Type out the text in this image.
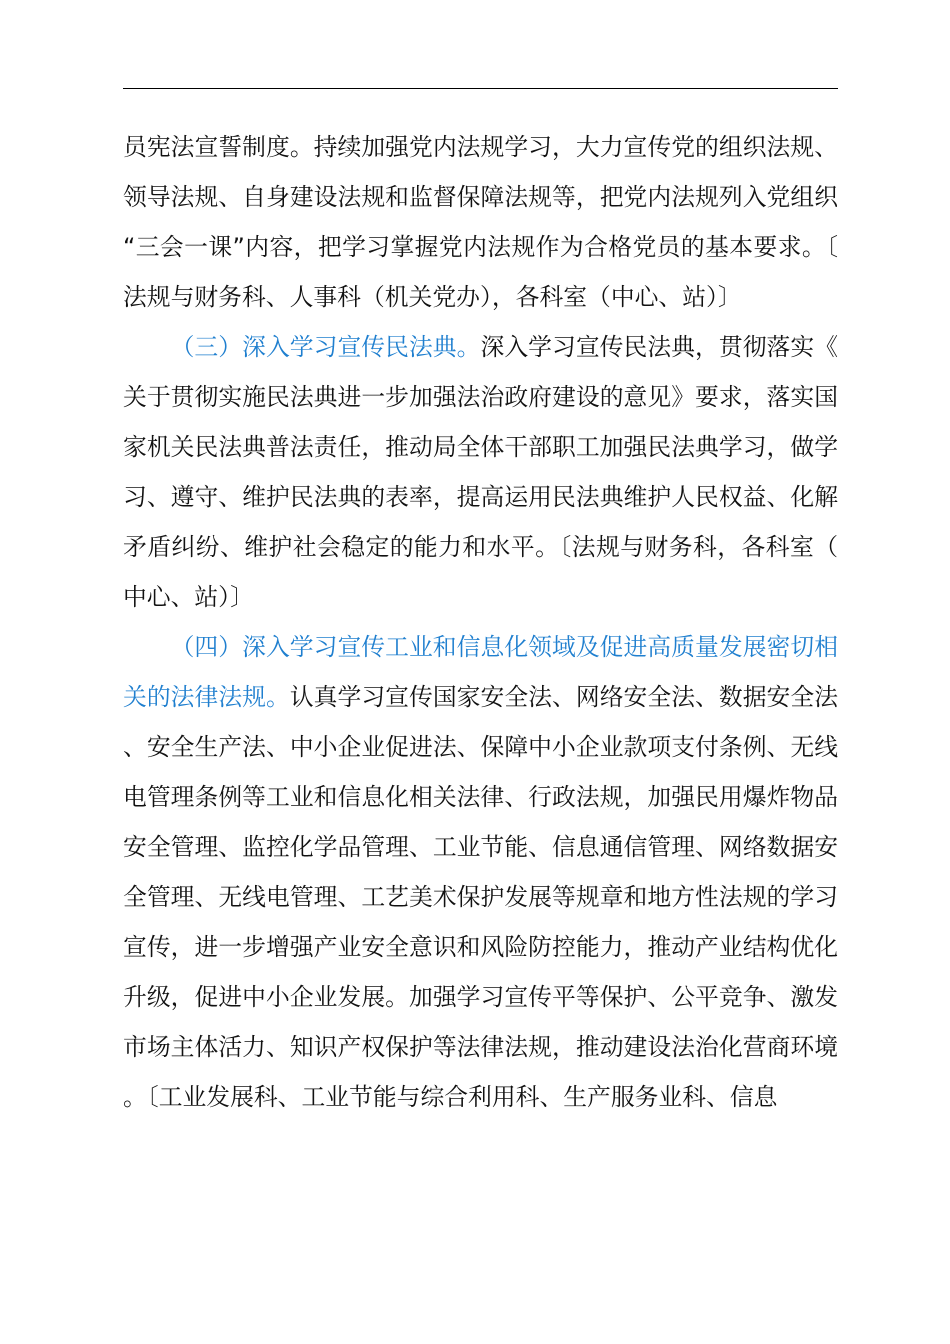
员宪法宣誓制度。持续加强党内法规学习，大力宣传党的组织法规、领导法规、自身建设法规和监督保障法规等，把党内法规列入党组织“三会一课”内容，把学习掌握党内法规作为合格党员的基本要求。〔法规与财务科、人事科（机关党办），各科室（中心、站）〕

（三）深入学习宣传民法典。深入学习宣传民法典，贯彻落实《关于贯彻实施民法典进一步加强法治政府建设的意见》要求，落实国家机关民法典普法责任，推动局全体干部职工加强民法典学习，做学习、遵守、维护民法典的表率，提高运用民法典维护人民权益、化解矛盾纠纷、维护社会稳定的能力和水平。〔法规与财务科，各科室（中心、站）〕

（四）深入学习宣传工业和信息化领域及促进高质量发展密切相关的法律法规。认真学习宣传国家安全法、网络安全法、数据安全法、安全生产法、中小企业促进法、保障中小企业款项支付条例、无线电管理条例等工业和信息化相关法律、行政法规，加强民用爆炸物品安全管理、监控化学品管理、工业节能、信息通信管理、网络数据安全管理、无线电管理、工艺美术保护发展等规章和地方性法规的学习宣传，进一步增强产业安全意识和风险防控能力，推动产业结构优化升级，促进中小企业发展。加强学习宣传平等保护、公平竞争、激发市场主体活力、知识产权保护等法律法规，推动建设法治化营商环境。〔工业发展科、工业节能与综合利用科、生产服务业科、信息
